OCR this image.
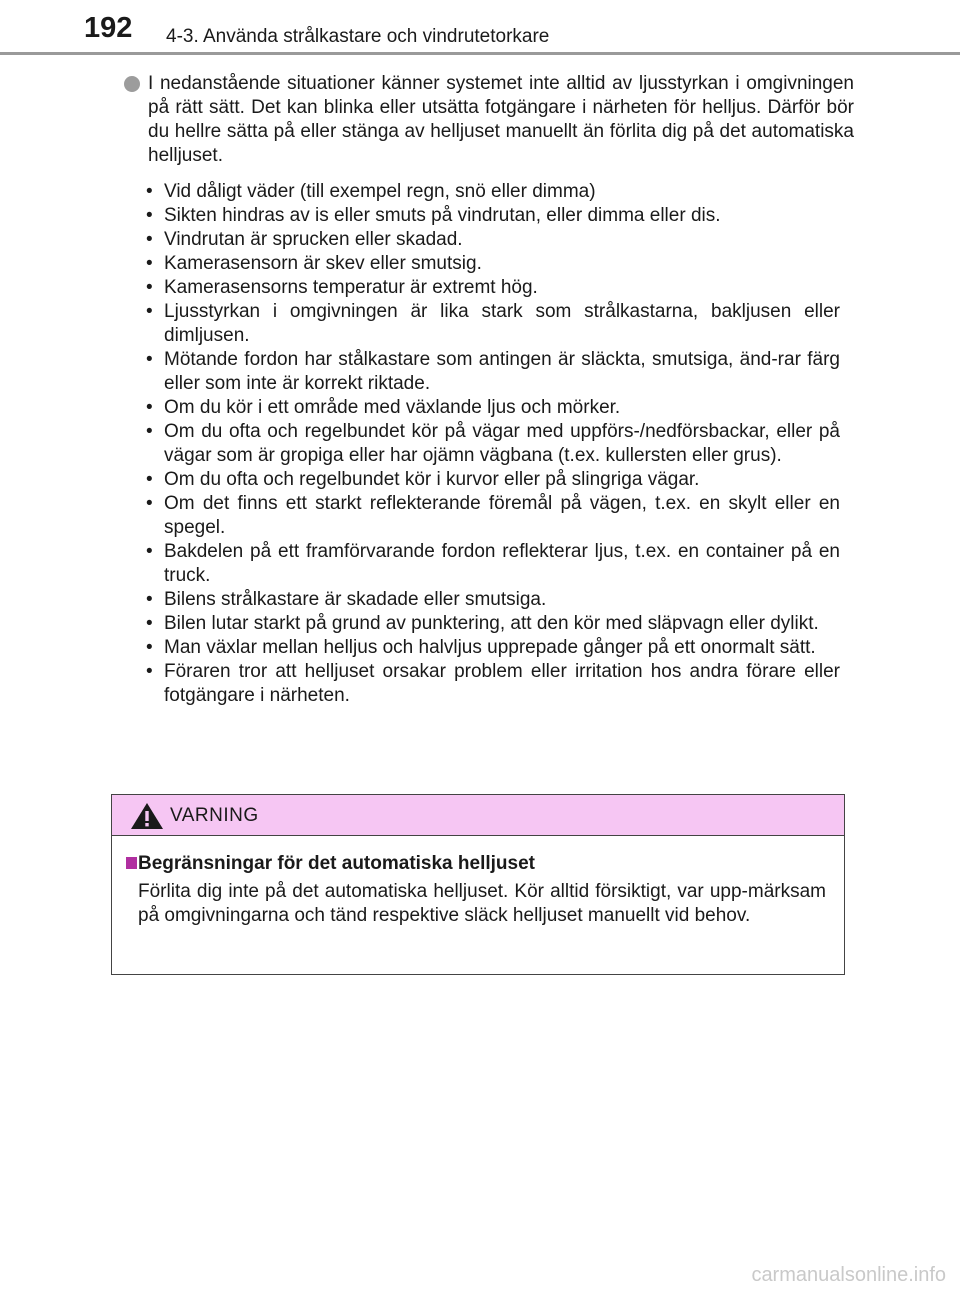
192 4-3. Använda strålkastare och vindrutetorkare

I nedanstående situationer känner systemet inte alltid av ljusstyrkan i omgivningen på rätt sätt. Det kan blinka eller utsätta fotgängare i närheten för helljus. Därför bör du hellre sätta på eller stänga av helljuset manuellt än förlita dig på det automatiska helljuset.

• Vid dåligt väder (till exempel regn, snö eller dimma)
• Sikten hindras av is eller smuts på vindrutan, eller dimma eller dis.
• Vindrutan är sprucken eller skadad.
• Kamerasensorn är skev eller smutsig.
• Kamerasensorns temperatur är extremt hög.
• Ljusstyrkan i omgivningen är lika stark som strålkastarna, bakljusen eller dimljusen.
• Mötande fordon har stålkastare som antingen är släckta, smutsiga, änd-rar färg eller som inte är korrekt riktade.
• Om du kör i ett område med växlande ljus och mörker.
• Om du ofta och regelbundet kör på vägar med uppförs-/nedförsbackar, eller på vägar som är gropiga eller har ojämn vägbana (t.ex. kullersten eller grus).
• Om du ofta och regelbundet kör i kurvor eller på slingriga vägar.
• Om det finns ett starkt reflekterande föremål på vägen, t.ex. en skylt eller en spegel.
• Bakdelen på ett framförvarande fordon reflekterar ljus, t.ex. en container på en truck.
• Bilens strålkastare är skadade eller smutsiga.
• Bilen lutar starkt på grund av punktering, att den kör med släpvagn eller dylikt.
• Man växlar mellan helljus och halvljus upprepade gånger på ett onormalt sätt.
• Föraren tror att helljuset orsakar problem eller irritation hos andra förare eller fotgängare i närheten.
VARNING
Begränsningar för det automatiska helljuset

Förlita dig inte på det automatiska helljuset. Kör alltid försiktigt, var upp-märksam på omgivningarna och tänd respektive släck helljuset manuellt vid behov.

carmanualsonline.info
